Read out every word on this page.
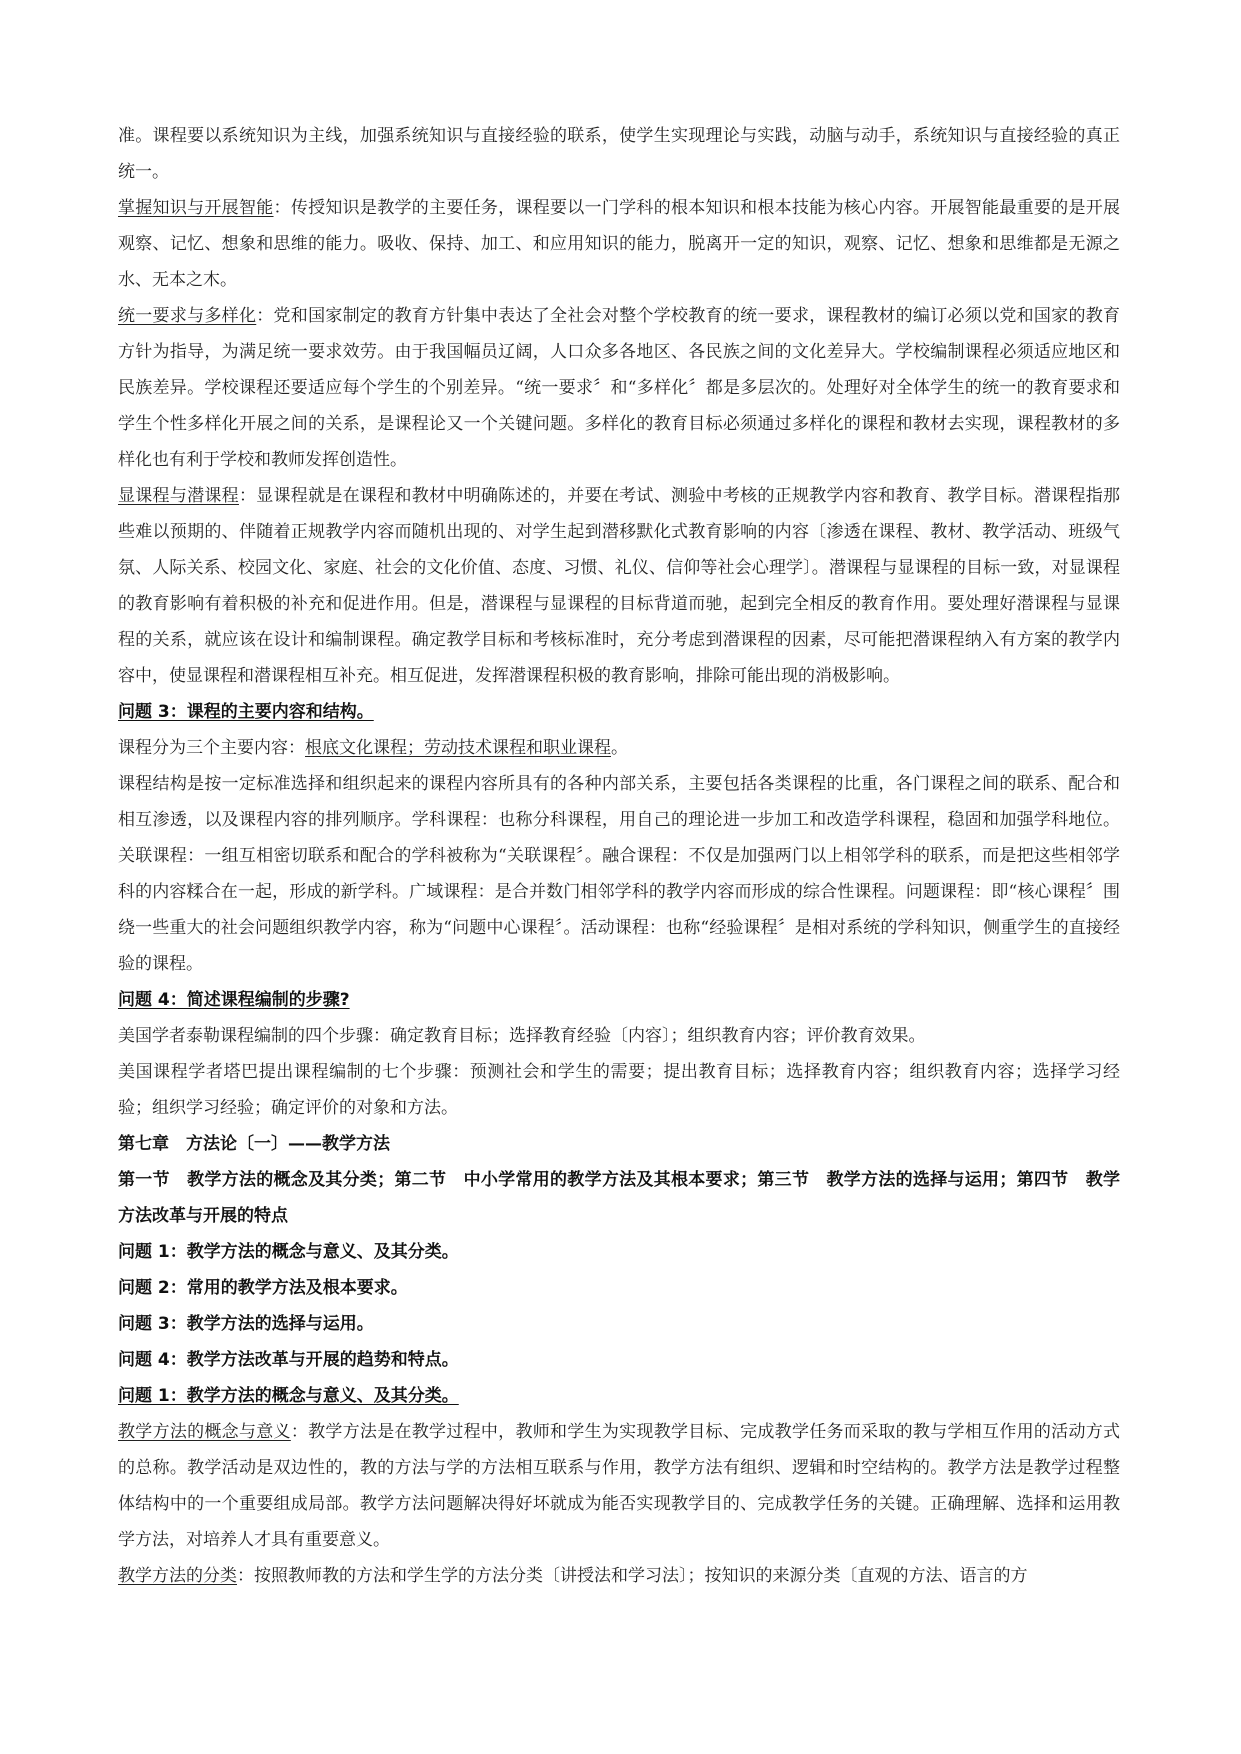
准。课程要以系统知识为主线，加强系统知识与直接经验的联系，使学生实现理论与实践，动脑与动手，系统知识与直接经验的真正统一。

掌握知识与开展智能：传授知识是教学的主要任务，课程要以一门学科的根本知识和根本技能为核心内容。开展智能最重要的是开展观察、记忆、想象和思维的能力。吸收、保持、加工、和应用知识的能力，脱离开一定的知识，观察、记忆、想象和思维都是无源之水、无本之木。

统一要求与多样化：党和国家制定的教育方针集中表达了全社会对整个学校教育的统一要求，课程教材的编订必须以党和国家的教育方针为指导，为满足统一要求效劳。由于我国幅员辽阔，人口众多各地区、各民族之间的文化差异大。学校编制课程必须适应地区和民族差异。学校课程还要适应每个学生的个别差异。“统一要求〞和“多样化〞都是多层次的。处理好对全体学生的统一的教育要求和学生个性多样化开展之间的关系，是课程论又一个关键问题。多样化的教育目标必须通过多样化的课程和教材去实现，课程教材的多样化也有利于学校和教师发挥创造性。

显课程与潜课程：显课程就是在课程和教材中明确陈述的，并要在考试、测验中考核的正规教学内容和教育、教学目标。潜课程指那些难以预期的、伴随着正规教学内容而随机出现的、对学生起到潜移默化式教育影响的内容〔渗透在课程、教材、教学活动、班级气氛、人际关系、校园文化、家庭、社会的文化价值、态度、习惯、礼仪、信仰等社会心理学〕。潜课程与显课程的目标一致，对显课程的教育影响有着积极的补充和促进作用。但是，潜课程与显课程的目标背道而驰，起到完全相反的教育作用。要处理好潜课程与显课程的关系，就应该在设计和编制课程。确定教学目标和考核标准时，充分考虑到潜课程的因素，尽可能把潜课程纳入有方案的教学内容中，使显课程和潜课程相互补充。相互促进，发挥潜课程积极的教育影响，排除可能出现的消极影响。

问题 3：课程的主要内容和结构。

课程分为三个主要内容：根底文化课程；劳动技术课程和职业课程。

课程结构是按一定标准选择和组织起来的课程内容所具有的各种内部关系，主要包括各类课程的比重，各门课程之间的联系、配合和相互渗透，以及课程内容的排列顺序。学科课程：也称分科课程，用自己的理论进一步加工和改造学科课程，稳固和加强学科地位。关联课程：一组互相密切联系和配合的学科被称为“关联课程〞。融合课程：不仅是加强两门以上相邻学科的联系，而是把这些相邻学科的内容糅合在一起，形成的新学科。广域课程：是合并数门相邻学科的教学内容而形成的综合性课程。问题课程：即“核心课程〞围绕一些重大的社会问题组织教学内容，称为“问题中心课程〞。活动课程：也称“经验课程〞是相对系统的学科知识，侧重学生的直接经验的课程。

问题 4：简述课程编制的步骤?

美国学者泰勒课程编制的四个步骤：确定教育目标；选择教育经验〔内容〕；组织教育内容；评价教育效果。

美国课程学者塔巴提出课程编制的七个步骤：预测社会和学生的需要；提出教育目标；选择教育内容；组织教育内容；选择学习经验；组织学习经验；确定评价的对象和方法。

第七章　方法论〔一〕——教学方法

第一节　教学方法的概念及其分类；第二节　中小学常用的教学方法及其根本要求；第三节　教学方法的选择与运用；第四节　教学方法改革与开展的特点

问题 1：教学方法的概念与意义、及其分类。

问题 2：常用的教学方法及根本要求。

问题 3：教学方法的选择与运用。

问题 4：教学方法改革与开展的趋势和特点。

问题 1：教学方法的概念与意义、及其分类。

教学方法的概念与意义：教学方法是在教学过程中，教师和学生为实现教学目标、完成教学任务而采取的教与学相互作用的活动方式的总称。教学活动是双边性的，教的方法与学的方法相互联系与作用，教学方法有组织、逻辑和时空结构的。教学方法是教学过程整体结构中的一个重要组成局部。教学方法问题解决得好坏就成为能否实现教学目的、完成教学任务的关键。正确理解、选择和运用教学方法，对培养人才具有重要意义。

教学方法的分类：按照教师教的方法和学生学的方法分类〔讲授法和学习法〕；按知识的来源分类〔直观的方法、语言的方
